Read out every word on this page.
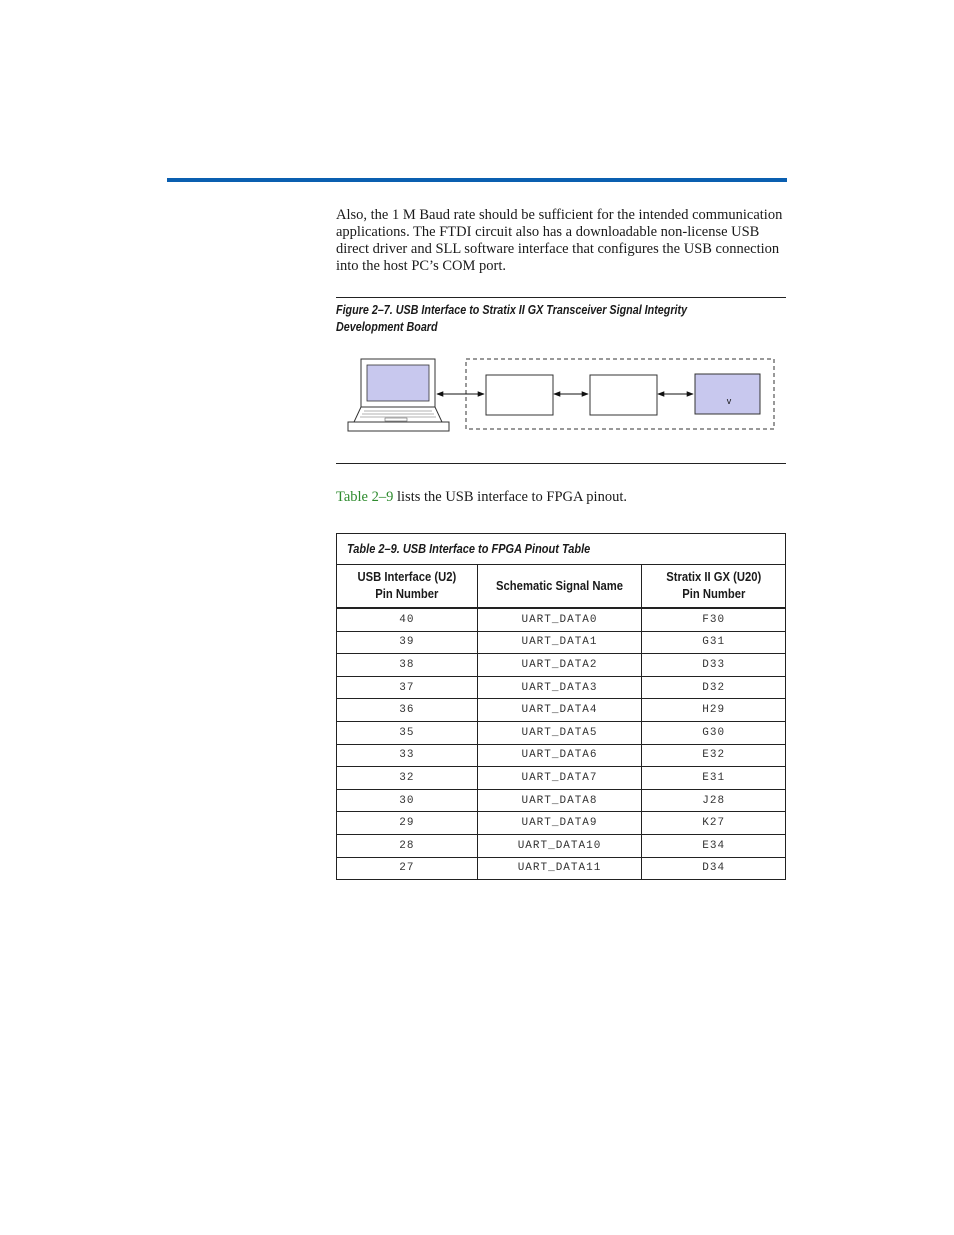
Also, the 1 M Baud rate should be sufficient for the intended communication applications. The FTDI circuit also has a downloadable non-license USB direct driver and SLL software interface that configures the USB connection into the host PC’s COM port.

Figure 2–7. USB Interface to Stratix II GX Transceiver Signal Integrity
Development Board
v
Table 2–9 lists the USB interface to FPGA pinout.
Table 2–9. USB Interface to FPGA Pinout Table		
USB Interface (U2)
Pin Number	Schematic Signal Name	Stratix II GX (U20)
Pin Number
40	UART_DATA0	F30
39	UART_DATA1	G31
38	UART_DATA2	D33
37	UART_DATA3	D32
36	UART_DATA4	H29
35	UART_DATA5	G30
33	UART_DATA6	E32
32	UART_DATA7	E31
30	UART_DATA8	J28
29	UART_DATA9	K27
28	UART_DATA10	E34
27	UART_DATA11	D34
